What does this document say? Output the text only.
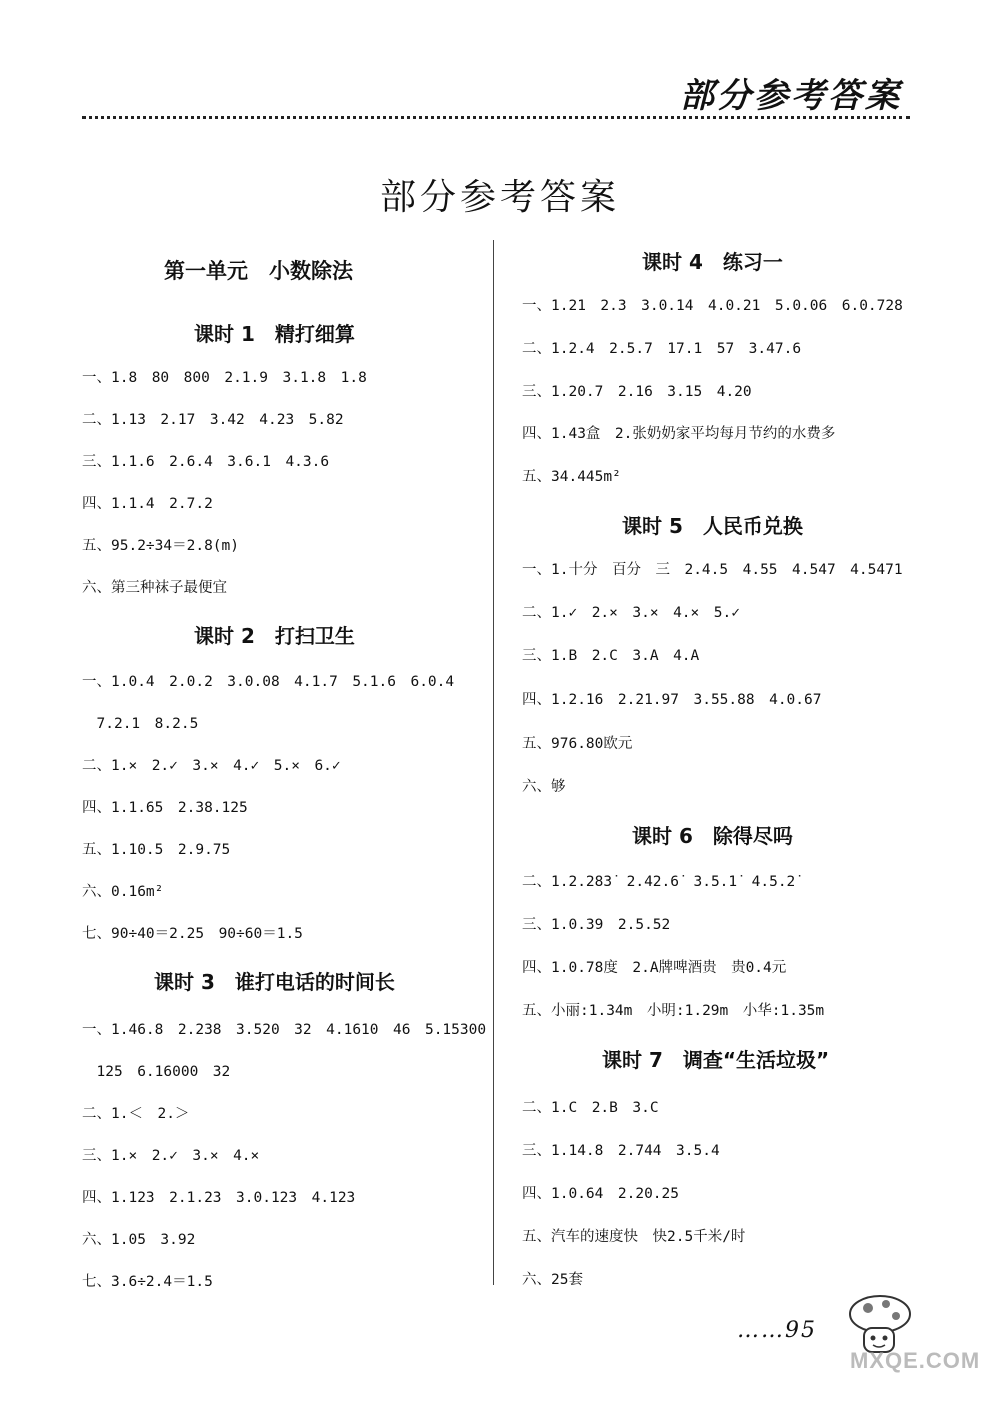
部分参考答案
部分参考答案
第一单元　小数除法
课时 1　精打细算
一、1.8　80　800　2.1.9　3.1.8　1.8
二、1.13　2.17　3.42　4.23　5.82
三、1.1.6　2.6.4　3.6.1　4.3.6
四、1.1.4　2.7.2
五、95.2÷34＝2.8(m)
六、第三种袜子最便宜
课时 2　打扫卫生
一、1.0.4　2.0.2　3.0.08　4.1.7　5.1.6　6.0.4
　7.2.1　8.2.5
二、1.×　2.✓　3.×　4.✓　5.×　6.✓
四、1.1.65　2.38.125
五、1.10.5　2.9.75
六、0.16m²
七、90÷40＝2.25　90÷60＝1.5
课时 3　谁打电话的时间长
一、1.46.8　2.238　3.520　32　4.1610　46　5.15300
　125　6.16000　32
二、1.＜　2.＞
三、1.×　2.✓　3.×　4.×
四、1.123　2.1.23　3.0.123　4.123
六、1.05　3.92
七、3.6÷2.4＝1.5
课时 4　练习一
一、1.21　2.3　3.0.14　4.0.21　5.0.06　6.0.728
二、1.2.4　2.5.7　17.1　57　3.47.6
三、1.20.7　2.16　3.15　4.20
四、1.43盒　2.张奶奶家平均每月节约的水费多
五、34.445m²
课时 5　人民币兑换
一、1.十分　百分　三　2.4.5　4.55　4.547　4.5471
二、1.✓　2.×　3.×　4.×　5.✓
三、1.B　2.C　3.A　4.A
四、1.2.16　2.21.97　3.55.88　4.0.67
五、976.80欧元
六、够
课时 6　除得尽吗
二、1.2.283̇　2.42.6̇　3.5.1̇　4.5.2̇
三、1.0.39　2.5.52
四、1.0.78度　2.A牌啤酒贵　贵0.4元
五、小丽:1.34m　小明:1.29m　小华:1.35m
课时 7　调查“生活垃圾”
二、1.C　2.B　3.C
三、1.14.8　2.744　3.5.4
四、1.0.64　2.20.25
五、汽车的速度快　快2.5千米/时
六、25套
……95
MXQE.COM
